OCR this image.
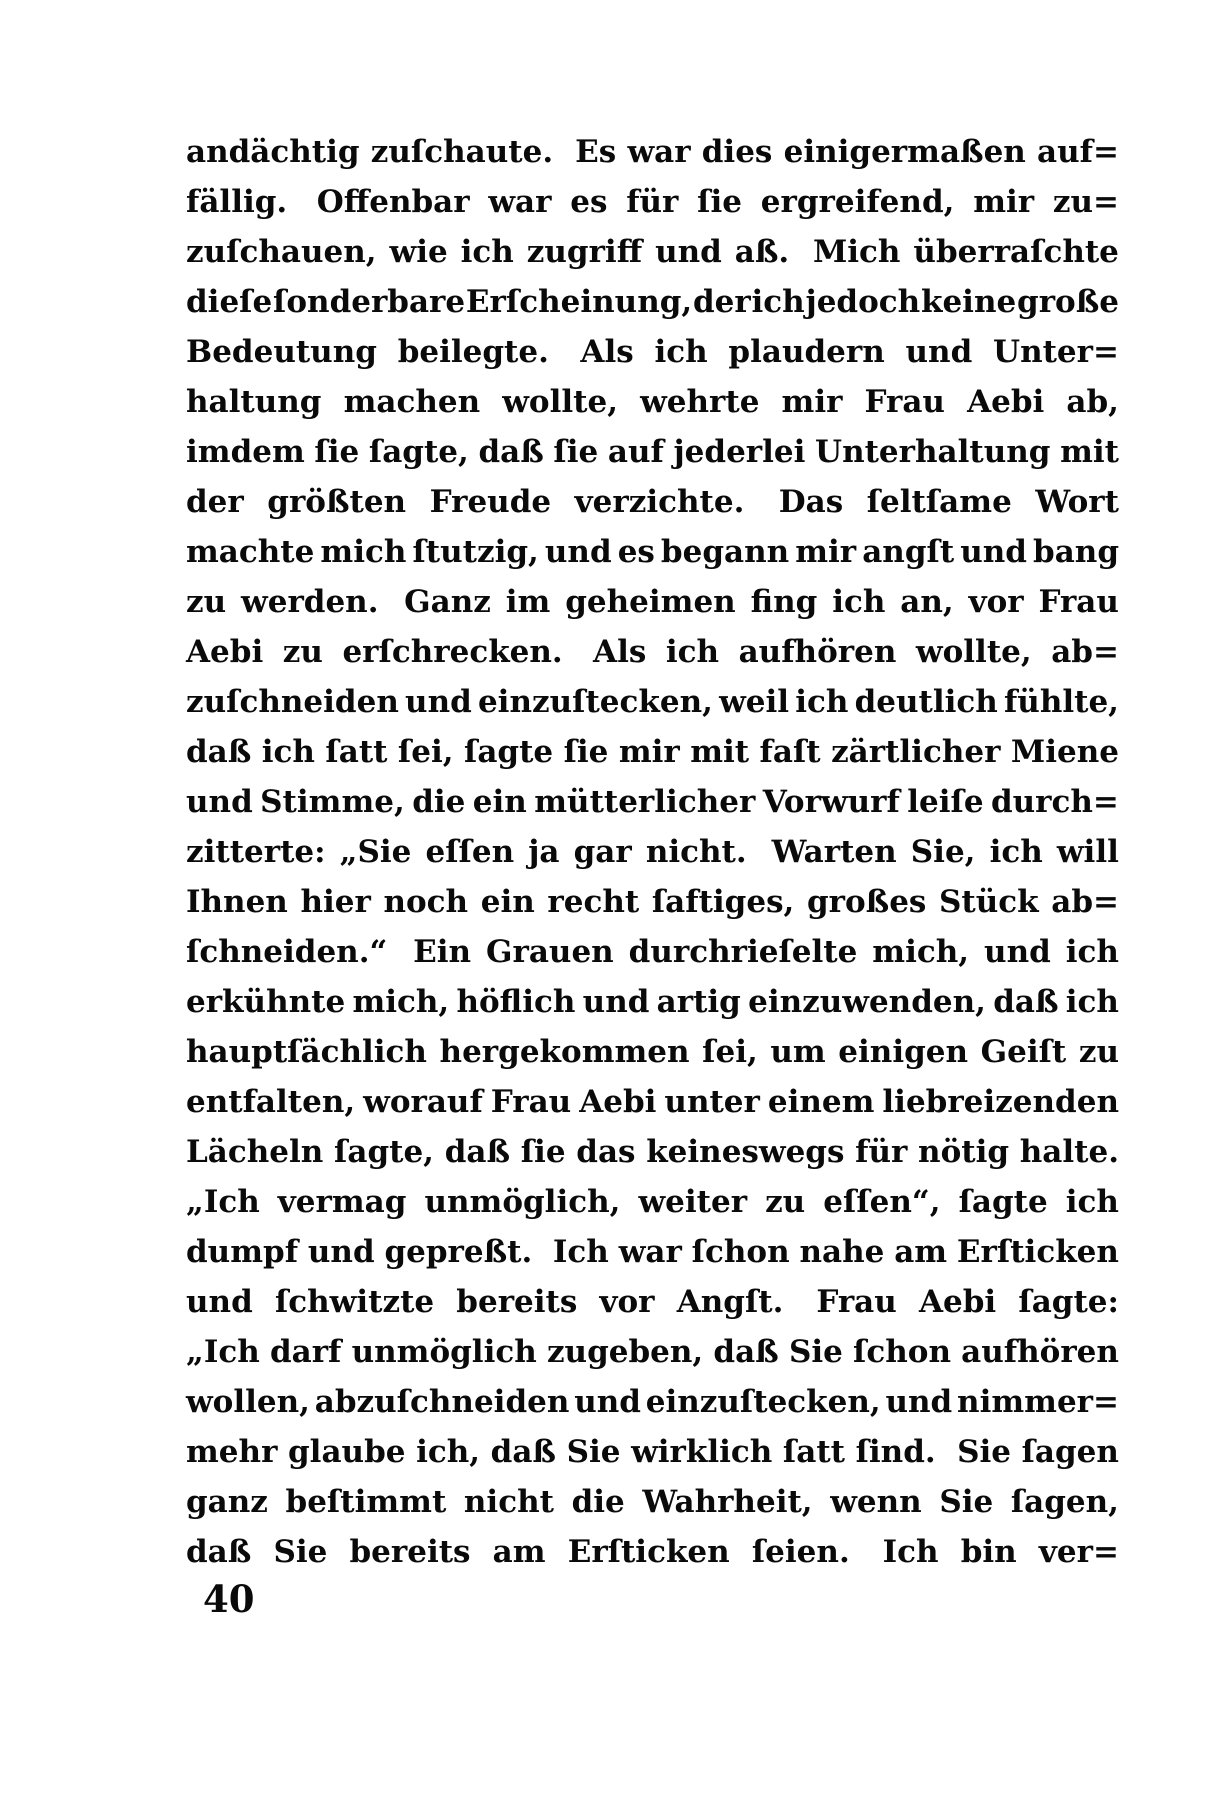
andächtig zuſchaute. Es war dies einigermaßen auf=
fällig. Offenbar war es für ſie ergreifend, mir zu=
zuſchauen, wie ich zugriff und aß. Mich überraſchte
dieſe ſonderbare Erſcheinung, der ich jedoch keine große
Bedeutung beilegte. Als ich plaudern und Unter=
haltung machen wollte, wehrte mir Frau Aebi ab,
imdem ſie ſagte, daß ſie auf jederlei Unterhaltung mit
der größten Freude verzichte. Das ſeltſame Wort
machte mich ſtutzig, und es begann mir angſt und bang
zu werden. Ganz im geheimen fing ich an, vor Frau
Aebi zu erſchrecken. Als ich aufhören wollte, ab=
zuſchneiden und einzuſtecken, weil ich deutlich fühlte,
daß ich ſatt ſei, ſagte ſie mir mit faſt zärtlicher Miene
und Stimme, die ein mütterlicher Vorwurf leiſe durch=
zitterte: „Sie eſſen ja gar nicht. Warten Sie, ich will
Ihnen hier noch ein recht ſaftiges, großes Stück ab=
ſchneiden.“ Ein Grauen durchrieſelte mich, und ich
erkühnte mich, höflich und artig einzuwenden, daß ich
hauptſächlich hergekommen ſei, um einigen Geiſt zu
entfalten, worauf Frau Aebi unter einem liebreizenden
Lächeln ſagte, daß ſie das keineswegs für nötig halte.
„Ich vermag unmöglich, weiter zu eſſen“, ſagte ich
dumpf und gepreßt. Ich war ſchon nahe am Erſticken
und ſchwitzte bereits vor Angſt. Frau Aebi ſagte:
„Ich darf unmöglich zugeben, daß Sie ſchon aufhören
wollen, abzuſchneiden und einzuſtecken, und nimmer=
mehr glaube ich, daß Sie wirklich ſatt ſind. Sie ſagen
ganz beſtimmt nicht die Wahrheit, wenn Sie ſagen,
daß Sie bereits am Erſticken ſeien. Ich bin ver=
40
